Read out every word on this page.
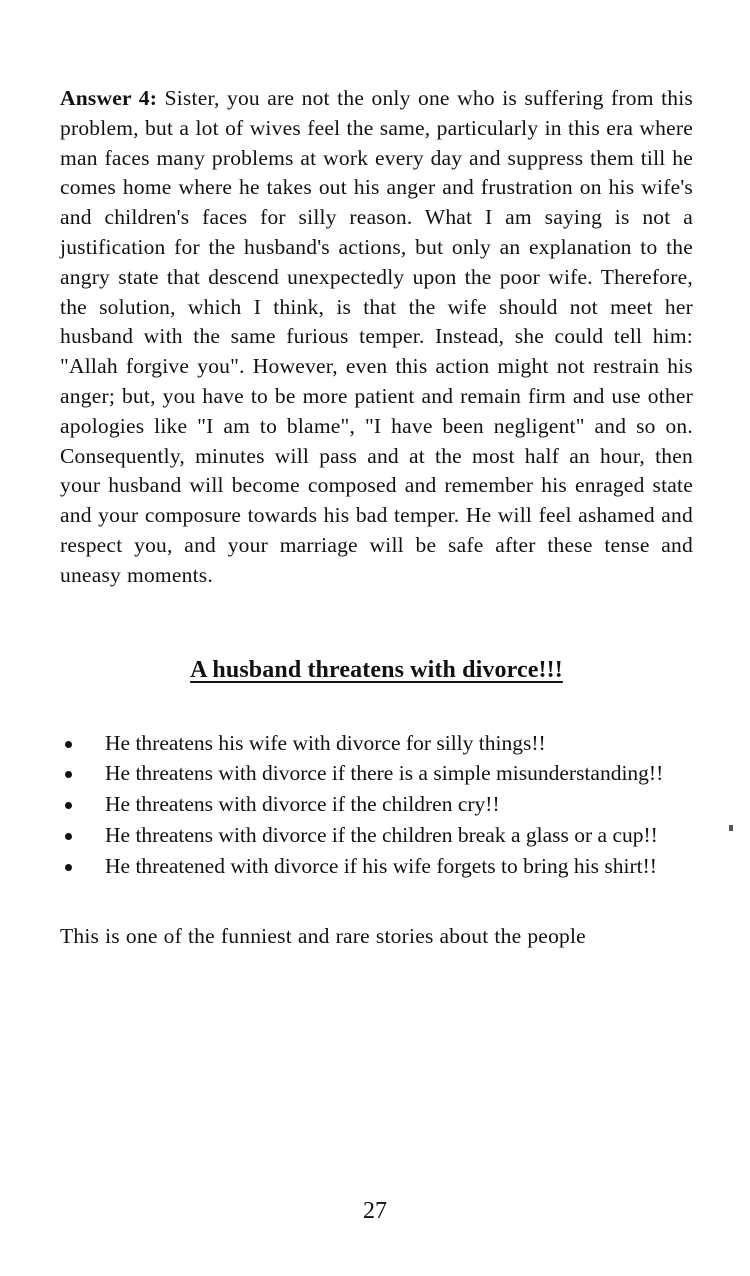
Answer 4: Sister, you are not the only one who is suffering from this problem, but a lot of wives feel the same, particularly in this era where man faces many problems at work every day and suppress them till he comes home where he takes out his anger and frustration on his wife's and children's faces for silly reason. What I am saying is not a justification for the husband's actions, but only an explanation to the angry state that descend unexpectedly upon the poor wife. Therefore, the solution, which I think, is that the wife should not meet her husband with the same furious temper. Instead, she could tell him: "Allah forgive you". However, even this action might not restrain his anger; but, you have to be more patient and remain firm and use other apologies like "I am to blame", "I have been negligent" and so on. Consequently, minutes will pass and at the most half an hour, then your husband will become composed and remember his enraged state and your composure towards his bad temper. He will feel ashamed and respect you, and your marriage will be safe after these tense and uneasy moments.

A husband threatens with divorce!!!
He threatens his wife with divorce for silly things!!
He threatens with divorce if there is a simple misunderstanding!!
He threatens with divorce if the children cry!!
He threatens with divorce if the children break a glass or a cup!!
He threatened with divorce if his wife forgets to bring his shirt!!

This is one of the funniest and rare stories about the people

27
